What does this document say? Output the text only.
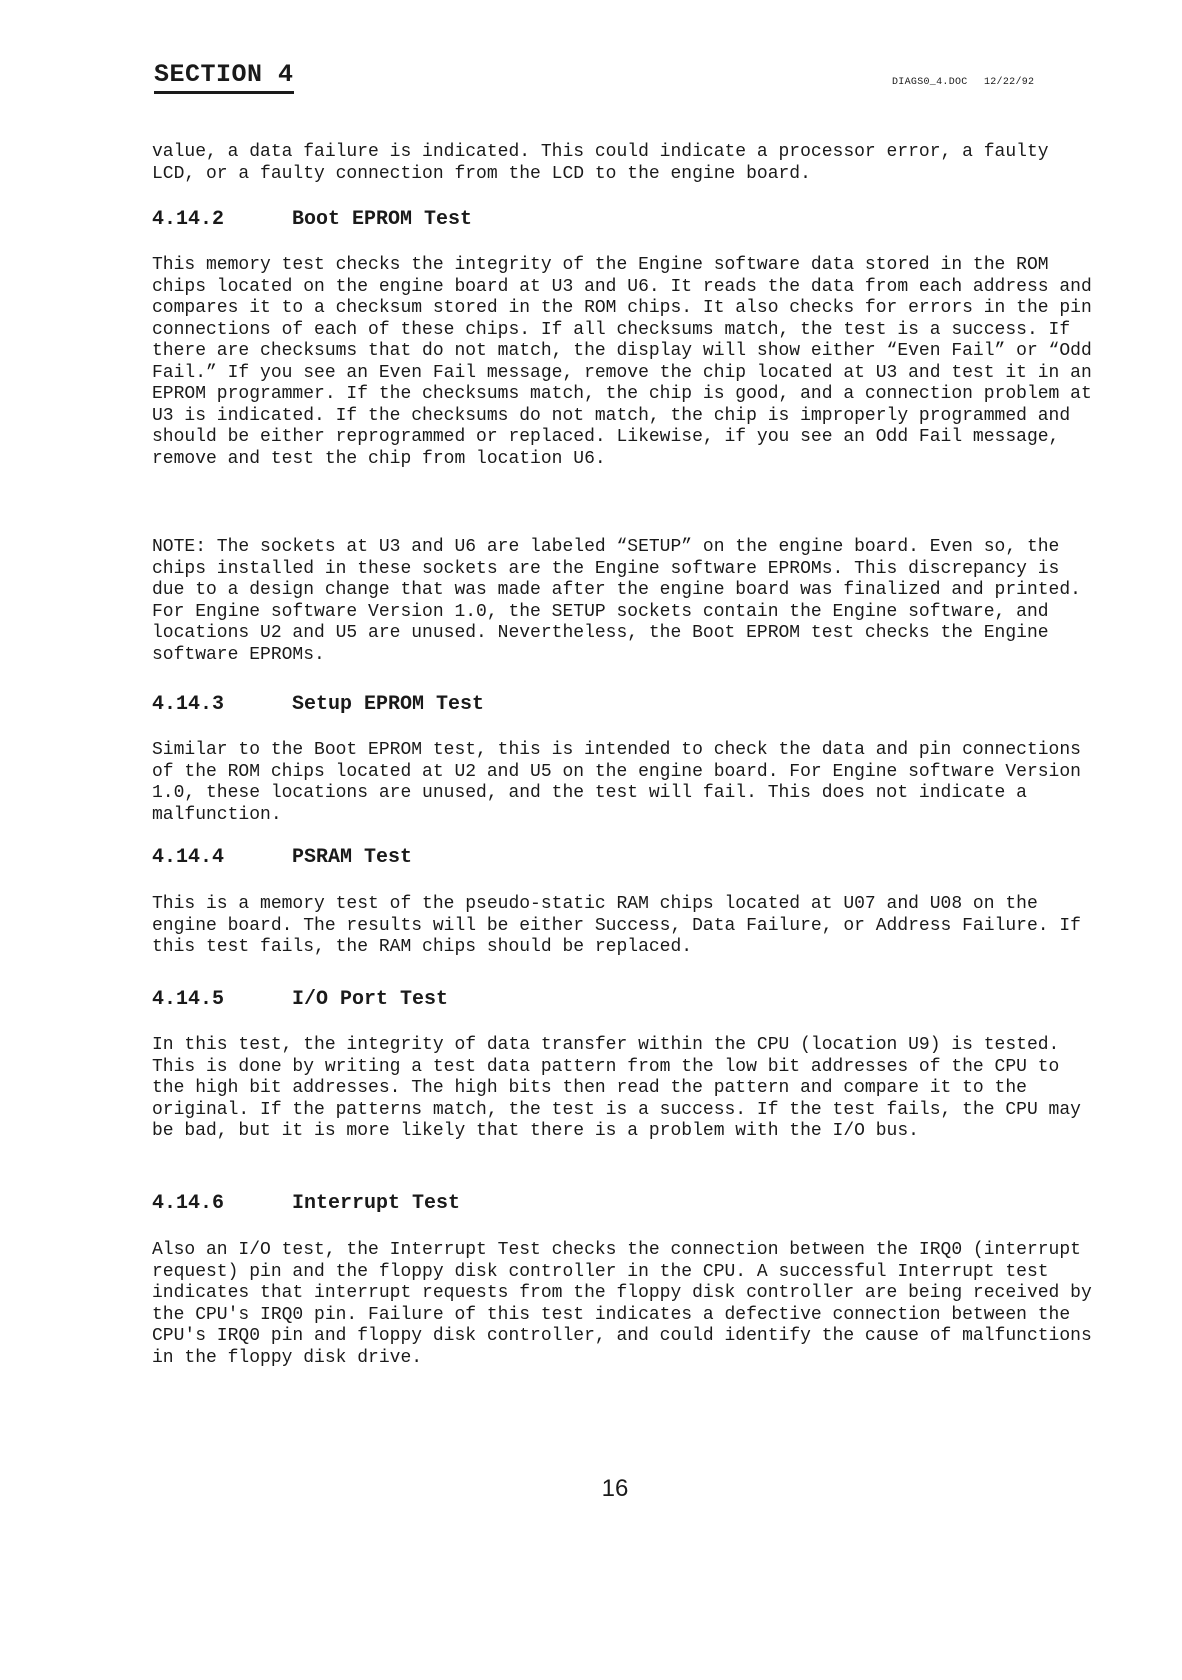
SECTION 4	DIAGS0_4.DOC 12/22/92

value, a data failure is indicated. This could indicate a processor error, a faulty LCD, or a faulty connection from the LCD to the engine board.

4.14.2	Boot EPROM Test

This memory test checks the integrity of the Engine software data stored in the ROM chips located on the engine board at U3 and U6. It reads the data from each address and compares it to a checksum stored in the ROM chips. It also checks for errors in the pin connections of each of these chips. If all checksums match, the test is a success. If there are checksums that do not match, the display will show either “Even Fail” or “Odd Fail.” If you see an Even Fail message, remove the chip located at U3 and test it in an EPROM programmer. If the checksums match, the chip is good, and a connection problem at U3 is indicated. If the checksums do not match, the chip is improperly programmed and should be either reprogrammed or replaced. Likewise, if you see an Odd Fail message, remove and test the chip from location U6.

NOTE: The sockets at U3 and U6 are labeled “SETUP” on the engine board. Even so, the chips installed in these sockets are the Engine software EPROMs. This discrepancy is due to a design change that was made after the engine board was finalized and printed. For Engine software Version 1.0, the SETUP sockets contain the Engine software, and locations U2 and U5 are unused. Nevertheless, the Boot EPROM test checks the Engine software EPROMs.

4.14.3	Setup EPROM Test

Similar to the Boot EPROM test, this is intended to check the data and pin connections of the ROM chips located at U2 and U5 on the engine board. For Engine software Version 1.0, these locations are unused, and the test will fail. This does not indicate a malfunction.

4.14.4	PSRAM Test

This is a memory test of the pseudo-static RAM chips located at U07 and U08 on the engine board. The results will be either Success, Data Failure, or Address Failure. If this test fails, the RAM chips should be replaced.

4.14.5	I/O Port Test

In this test, the integrity of data transfer within the CPU (location U9) is tested. This is done by writing a test data pattern from the low bit addresses of the CPU to the high bit addresses. The high bits then read the pattern and compare it to the original. If the patterns match, the test is a success. If the test fails, the CPU may be bad, but it is more likely that there is a problem with the I/O bus.

4.14.6	Interrupt Test

Also an I/O test, the Interrupt Test checks the connection between the IRQ0 (interrupt request) pin and the floppy disk controller in the CPU. A successful Interrupt test indicates that interrupt requests from the floppy disk controller are being received by the CPU's IRQ0 pin. Failure of this test indicates a defective connection between the CPU's IRQ0 pin and floppy disk controller, and could identify the cause of malfunctions in the floppy disk drive.

16
